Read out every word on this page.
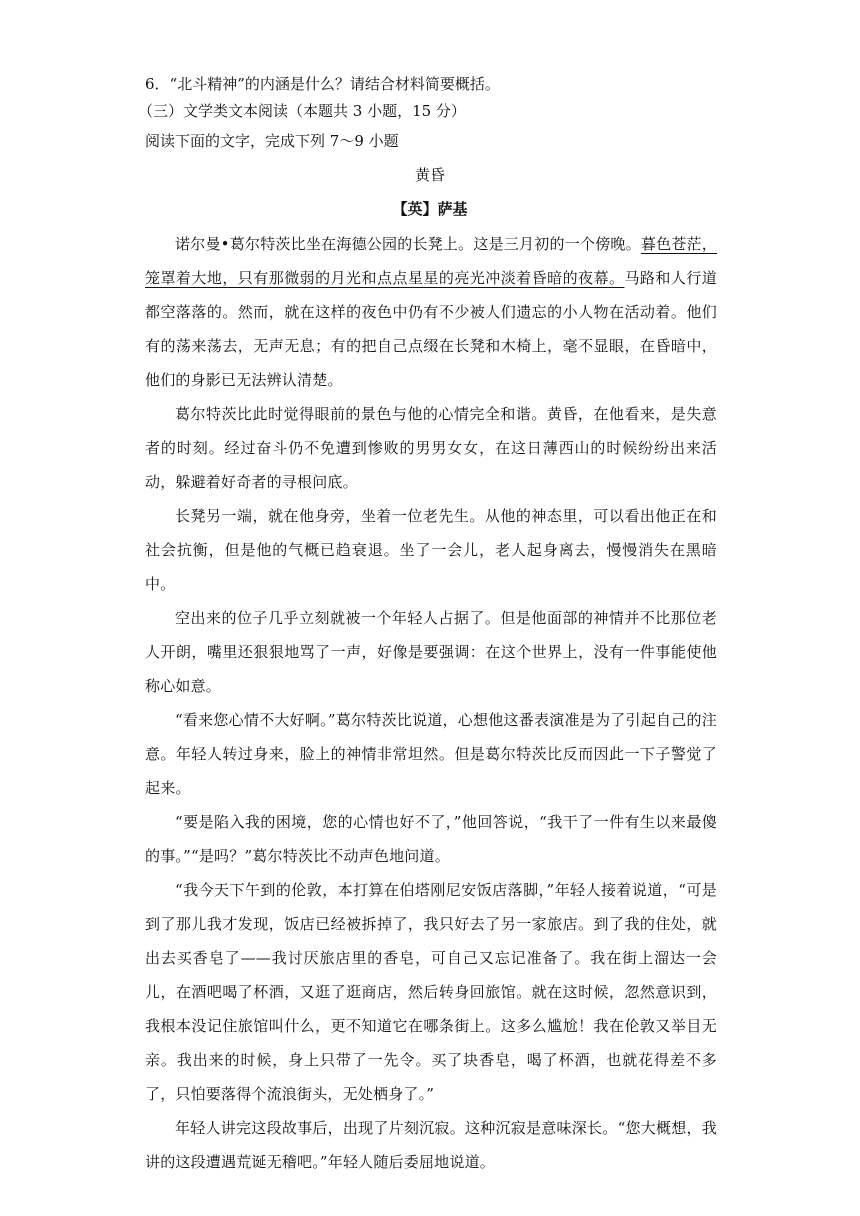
6．“北斗精神”的内涵是什么？请结合材料简要概括。
（三）文学类文本阅读（本题共 3 小题，15 分）
阅读下面的文字，完成下列 7～9 小题
黄昏
【英】萨基

诺尔曼•葛尔特茨比坐在海德公园的长凳上。这是三月初的一个傍晚。暮色苍茫，笼罩着大地，只有那微弱的月光和点点星星的亮光冲淡着昏暗的夜幕。马路和人行道都空落落的。然而，就在这样的夜色中仍有不少被人们遗忘的小人物在活动着。他们有的荡来荡去，无声无息；有的把自己点缀在长凳和木椅上，毫不显眼，在昏暗中，他们的身影已无法辨认清楚。

葛尔特茨比此时觉得眼前的景色与他的心情完全和谐。黄昏，在他看来，是失意者的时刻。经过奋斗仍不免遭到惨败的男男女女，在这日薄西山的时候纷纷出来活动，躲避着好奇者的寻根问底。

长凳另一端，就在他身旁，坐着一位老先生。从他的神态里，可以看出他正在和社会抗衡，但是他的气概已趋衰退。坐了一会儿，老人起身离去，慢慢消失在黑暗中。

空出来的位子几乎立刻就被一个年轻人占据了。但是他面部的神情并不比那位老人开朗，嘴里还狠狠地骂了一声，好像是要强调：在这个世界上，没有一件事能使他称心如意。

“看来您心情不大好啊。”葛尔特茨比说道，心想他这番表演准是为了引起自己的注意。年轻人转过身来，脸上的神情非常坦然。但是葛尔特茨比反而因此一下子警觉了起来。

“要是陷入我的困境，您的心情也好不了，”他回答说，“我干了一件有生以来最傻的事。”“是吗？”葛尔特茨比不动声色地问道。

“我今天下午到的伦敦，本打算在伯塔刚尼安饭店落脚，”年轻人接着说道，“可是到了那儿我才发现，饭店已经被拆掉了，我只好去了另一家旅店。到了我的住处，就出去买香皂了——我讨厌旅店里的香皂，可自己又忘记准备了。我在街上溜达一会儿，在酒吧喝了杯酒，又逛了逛商店，然后转身回旅馆。就在这时候，忽然意识到，我根本没记住旅馆叫什么，更不知道它在哪条街上。这多么尴尬！我在伦敦又举目无亲。我出来的时候，身上只带了一先令。买了块香皂，喝了杯酒，也就花得差不多了，只怕要落得个流浪街头，无处栖身了。”

年轻人讲完这段故事后，出现了片刻沉寂。这种沉寂是意味深长。“您大概想，我讲的这段遭遇荒诞无稽吧。”年轻人随后委屈地说道。
